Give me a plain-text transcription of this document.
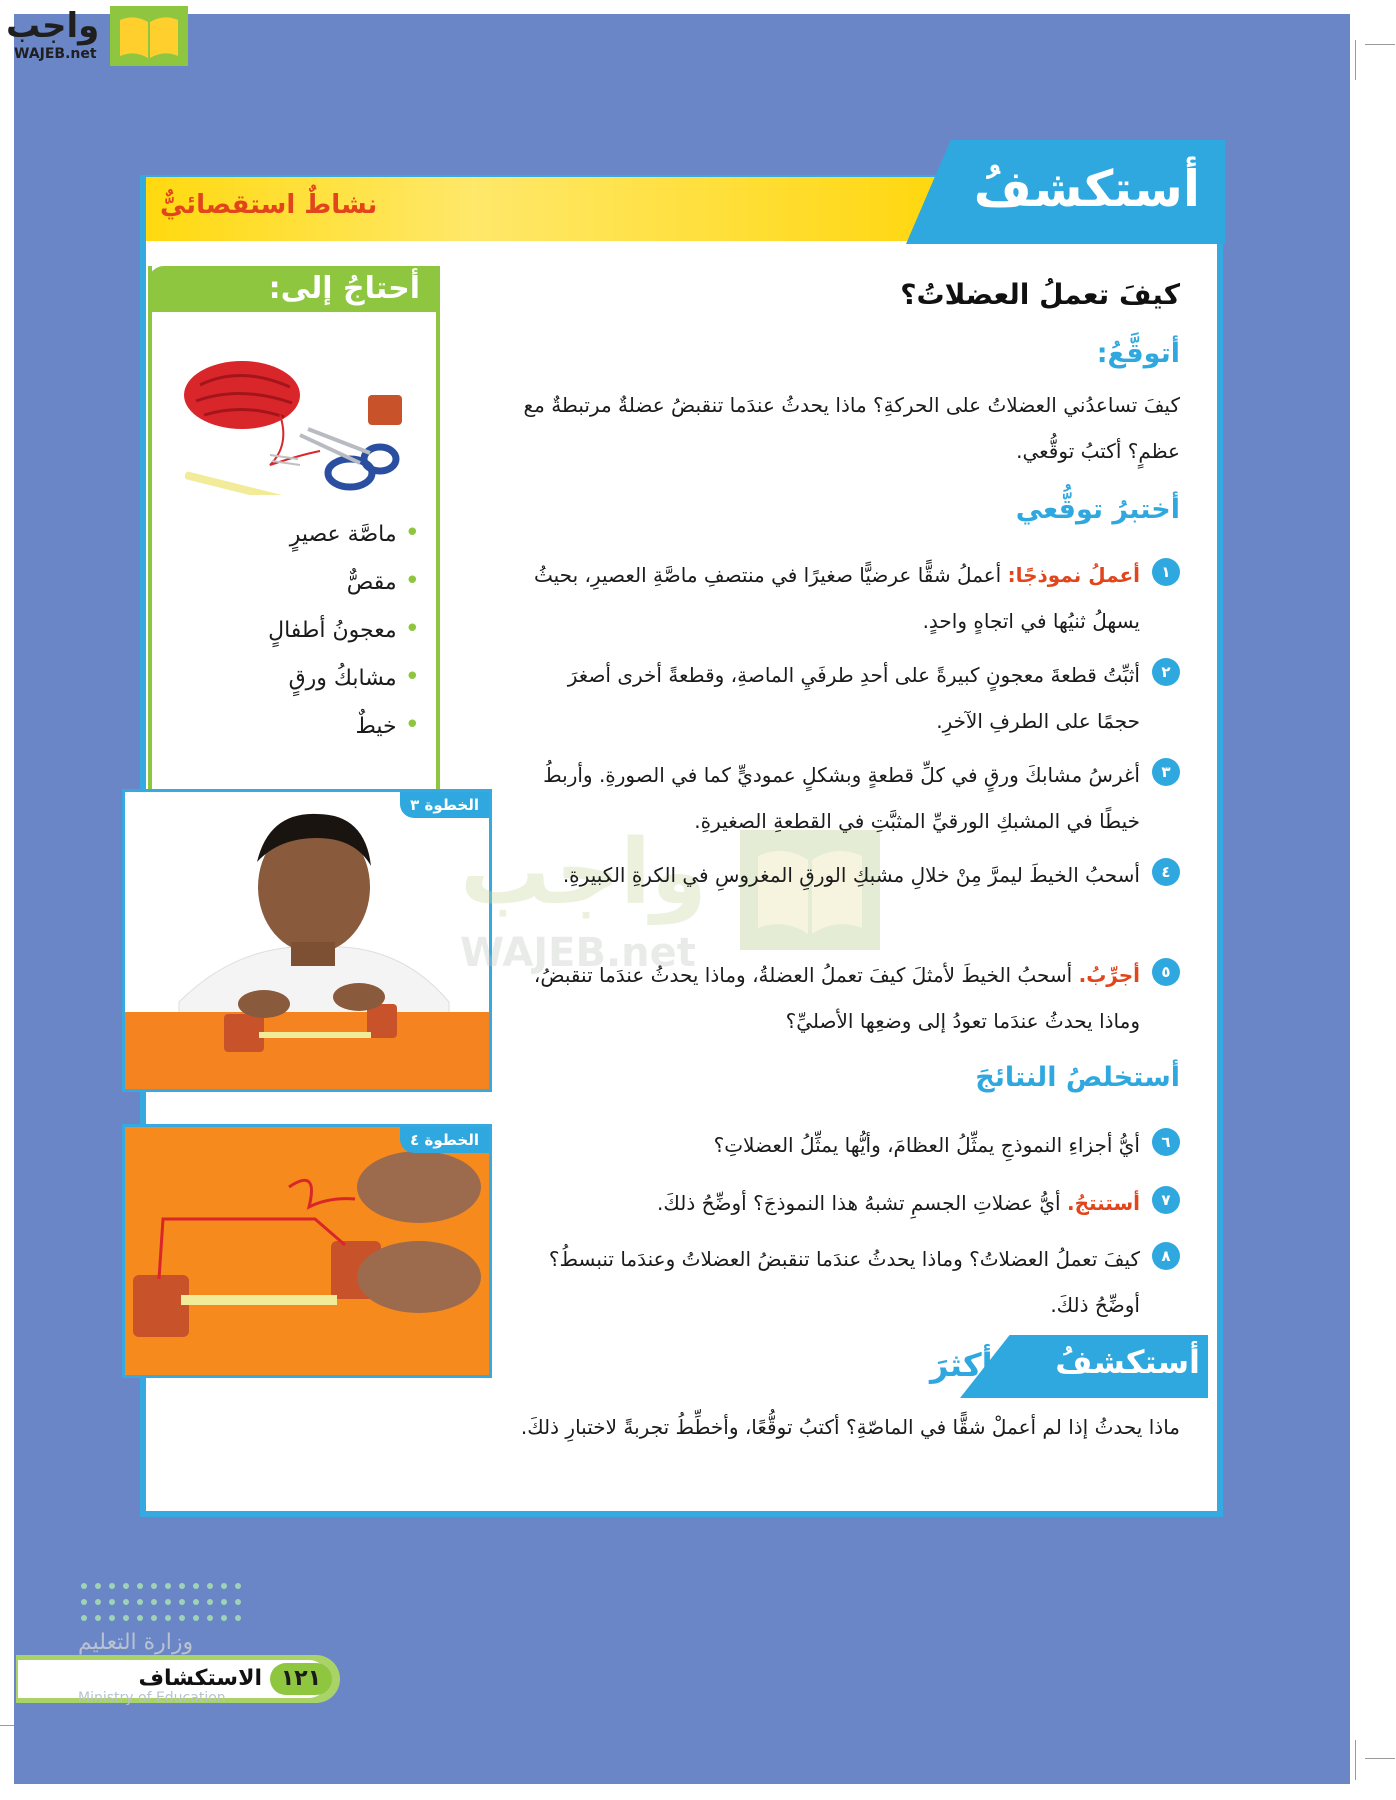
واجب
WAJEB.net
نشاطٌ استقصائيٌّ	أستكشفُ
أحتاجُ إلى:
• ماصَّة عصيرٍ
• مقصٌّ
• معجونُ أطفالٍ
• مشابكُ ورقٍ
• خيطٌ
الخطوة ٣
الخطوة ٤
واجب
WAJEB.net
كيفَ تعملُ العضلاتُ؟
أتوقَّعُ:

كيفَ تساعدُني العضلاتُ على الحركةِ؟ ماذا يحدثُ عندَما تنقبضُ عضلةٌ مرتبطةٌ مع عظمٍ؟ أكتبُ توقُّعي.

أختبرُ توقُّعي
١

أعملُ نموذجًا: أعملُ شقًّا عرضيًّا صغيرًا في منتصفِ ماصَّةِ العصيرِ، بحيثُ يسهلُ ثنيُها في اتجاهٍ واحدٍ.

٢

أثبِّتُ قطعةَ معجونٍ كبيرةً على أحدِ طرفَيِ الماصةِ، وقطعةً أخرى أصغرَ حجمًا على الطرفِ الآخرِ.

٣

أغرسُ مشابكَ ورقٍ في كلِّ قطعةٍ وبشكلٍ عموديٍّ كما في الصورةِ. وأربطُ خيطًا في المشبكِ الورقيِّ المثبَّتِ في القطعةِ الصغيرةِ.

٤

أسحبُ الخيطَ ليمرَّ مِنْ خلالِ مشبكِ الورقِ المغروسِ في الكرةِ الكبيرةِ.

٥

أجرِّبُ. أسحبُ الخيطَ لأمثلَ كيفَ تعملُ العضلةُ، وماذا يحدثُ عندَما تنقبضُ، وماذا يحدثُ عندَما تعودُ إلى وضعِها الأصليِّ؟

أستخلصُ النتائجَ
٦

أيُّ أجزاءِ النموذجِ يمثِّلُ العظامَ، وأيُّها يمثِّلُ العضلاتِ؟

٧

أستنتجُ. أيُّ عضلاتِ الجسمِ تشبهُ هذا النموذجَ؟ أوضِّحُ ذلكَ.

٨

كيفَ تعملُ العضلاتُ؟ وماذا يحدثُ عندَما تنقبضُ العضلاتُ وعندَما تنبسطُ؟ أوضِّحُ ذلكَ.

ماذا يحدثُ إذا لم أعملْ شقًّا في الماصّةِ؟ أكتبُ توقُّعًا، وأخطِّطُ تجربةً لاختبارِ ذلكَ.

أستكشفُ
أكثرَ
وزارة التعليم
١٢١
الاستكشاف
Ministry of Education
